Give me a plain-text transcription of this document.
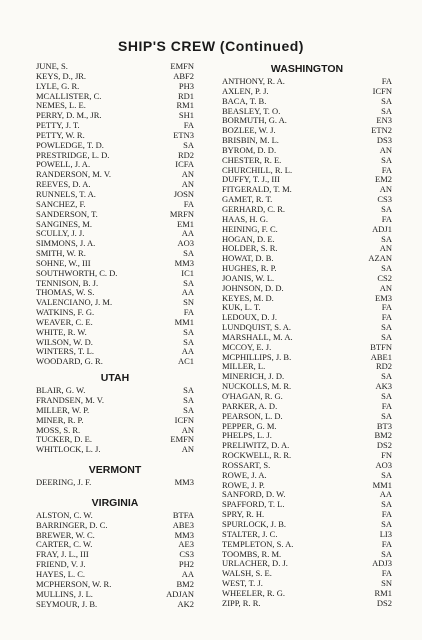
SHIP'S CREW (Continued)
JUNE, S.	EMFN
KEYS, D., JR.	ABF2
LYLE, G. R.	PH3
MCALLISTER, C.	RD1
NEMES, L. E.	RM1
PERRY, D. M., JR.	SH1
PETTY, J. T.	FA
PETTY, W. R.	ETN3
POWLEDGE, T. D.	SA
PRESTRIDGE, L. D.	RD2
POWELL, J. A.	ICFA
RANDERSON, M. V.	AN
REEVES, D. A.	AN
RUNNELS, T. A.	JOSN
SANCHEZ, F.	FA
SANDERSON, T.	MRFN
SANGINES, M.	EM1
SCULLY, J. J.	AA
SIMMONS, J. A.	AO3
SMITH, W. R.	SA
SOHNE, W., III	MM3
SOUTHWORTH, C. D.	IC1
TENNISON, B. J.	SA
THOMAS, W. S.	AA
VALENCIANO, J. M.	SN
WATKINS, F. G.	FA
WEAVER, C. E.	MM1
WHITE, R. W.	SA
WILSON, W. D.	SA
WINTERS, T. L.	AA
WOODARD, G. R.	AC1
UTAH
BLAIR, G. W.	SA
FRANDSEN, M. V.	SA
MILLER, W. P.	SA
MINER, R. P.	ICFN
MOSS, S. R.	AN
TUCKER, D. E.	EMFN
WHITLOCK, L. J.	AN
VERMONT
DEERING, J. F.	MM3
VIRGINIA
ALSTON, C. W.	BTFA
BARRINGER, D. C.	ABE3
BREWER, W. C.	MM3
CARTER, C. W.	AE3
FRAY, J. L., III	CS3
FRIEND, V. J.	PH2
HAYES, L. C.	AA
MCPHERSON, W. R.	BM2
MULLINS, J. L.	ADJAN
SEYMOUR, J. B.	AK2
WASHINGTON
ANTHONY, R. A.	FA
AXLEN, P. J.	ICFN
BACA, T. B.	SA
BEASLEY, T. O.	SA
BORMUTH, G. A.	EN3
BOZLEE, W. J.	ETN2
BRISBIN, M. L.	DS3
BYROM, D. D.	AN
CHESTER, R. E.	SA
CHURCHILL, R. L.	FA
DUFFY, T. J., III	EM2
FITGERALD, T. M.	AN
GAMET, R. T.	CS3
GERHARD, C. R.	SA
HAAS, H. G.	FA
HEINING, F. C.	ADJ1
HOGAN, D. E.	SA
HOLDER, S. R.	AN
HOWAT, D. B.	AZAN
HUGHES, R. P.	SA
JOANIS, W. L.	CS2
JOHNSON, D. D.	AN
KEYES, M. D.	EM3
KUK, L. T.	FA
LEDOUX, D. J.	FA
LUNDQUIST, S. A.	SA
MARSHALL, M. A.	SA
MCCOY, E. J.	BTFN
MCPHILLIPS, J. B.	ABE1
MILLER, L.	RD2
MINERICH, J. D.	SA
NUCKOLLS, M. R.	AK3
O'HAGAN, R. G.	SA
PARKER, A. D.	FA
PEARSON, L. D.	SA
PEPPER, G. M.	BT3
PHELPS, L. J.	BM2
PRELIWITZ, D. A.	DS2
ROCKWELL, R. R.	FN
ROSSART, S.	AO3
ROWE, J. A.	SA
ROWE, J. P.	MM1
SANFORD, D. W.	AA
SPAFFORD, T. L.	SA
SPRY, R. H.	FA
SPURLOCK, J. B.	SA
STALTER, J. C.	LI3
TEMPLETON, S. A.	FA
TOOMBS, R. M.	SA
URLACHER, D. J.	ADJ3
WALSH, S. E.	FA
WEST, T. J.	SN
WHEELER, R. G.	RM1
ZIPP, R. R.	DS2
